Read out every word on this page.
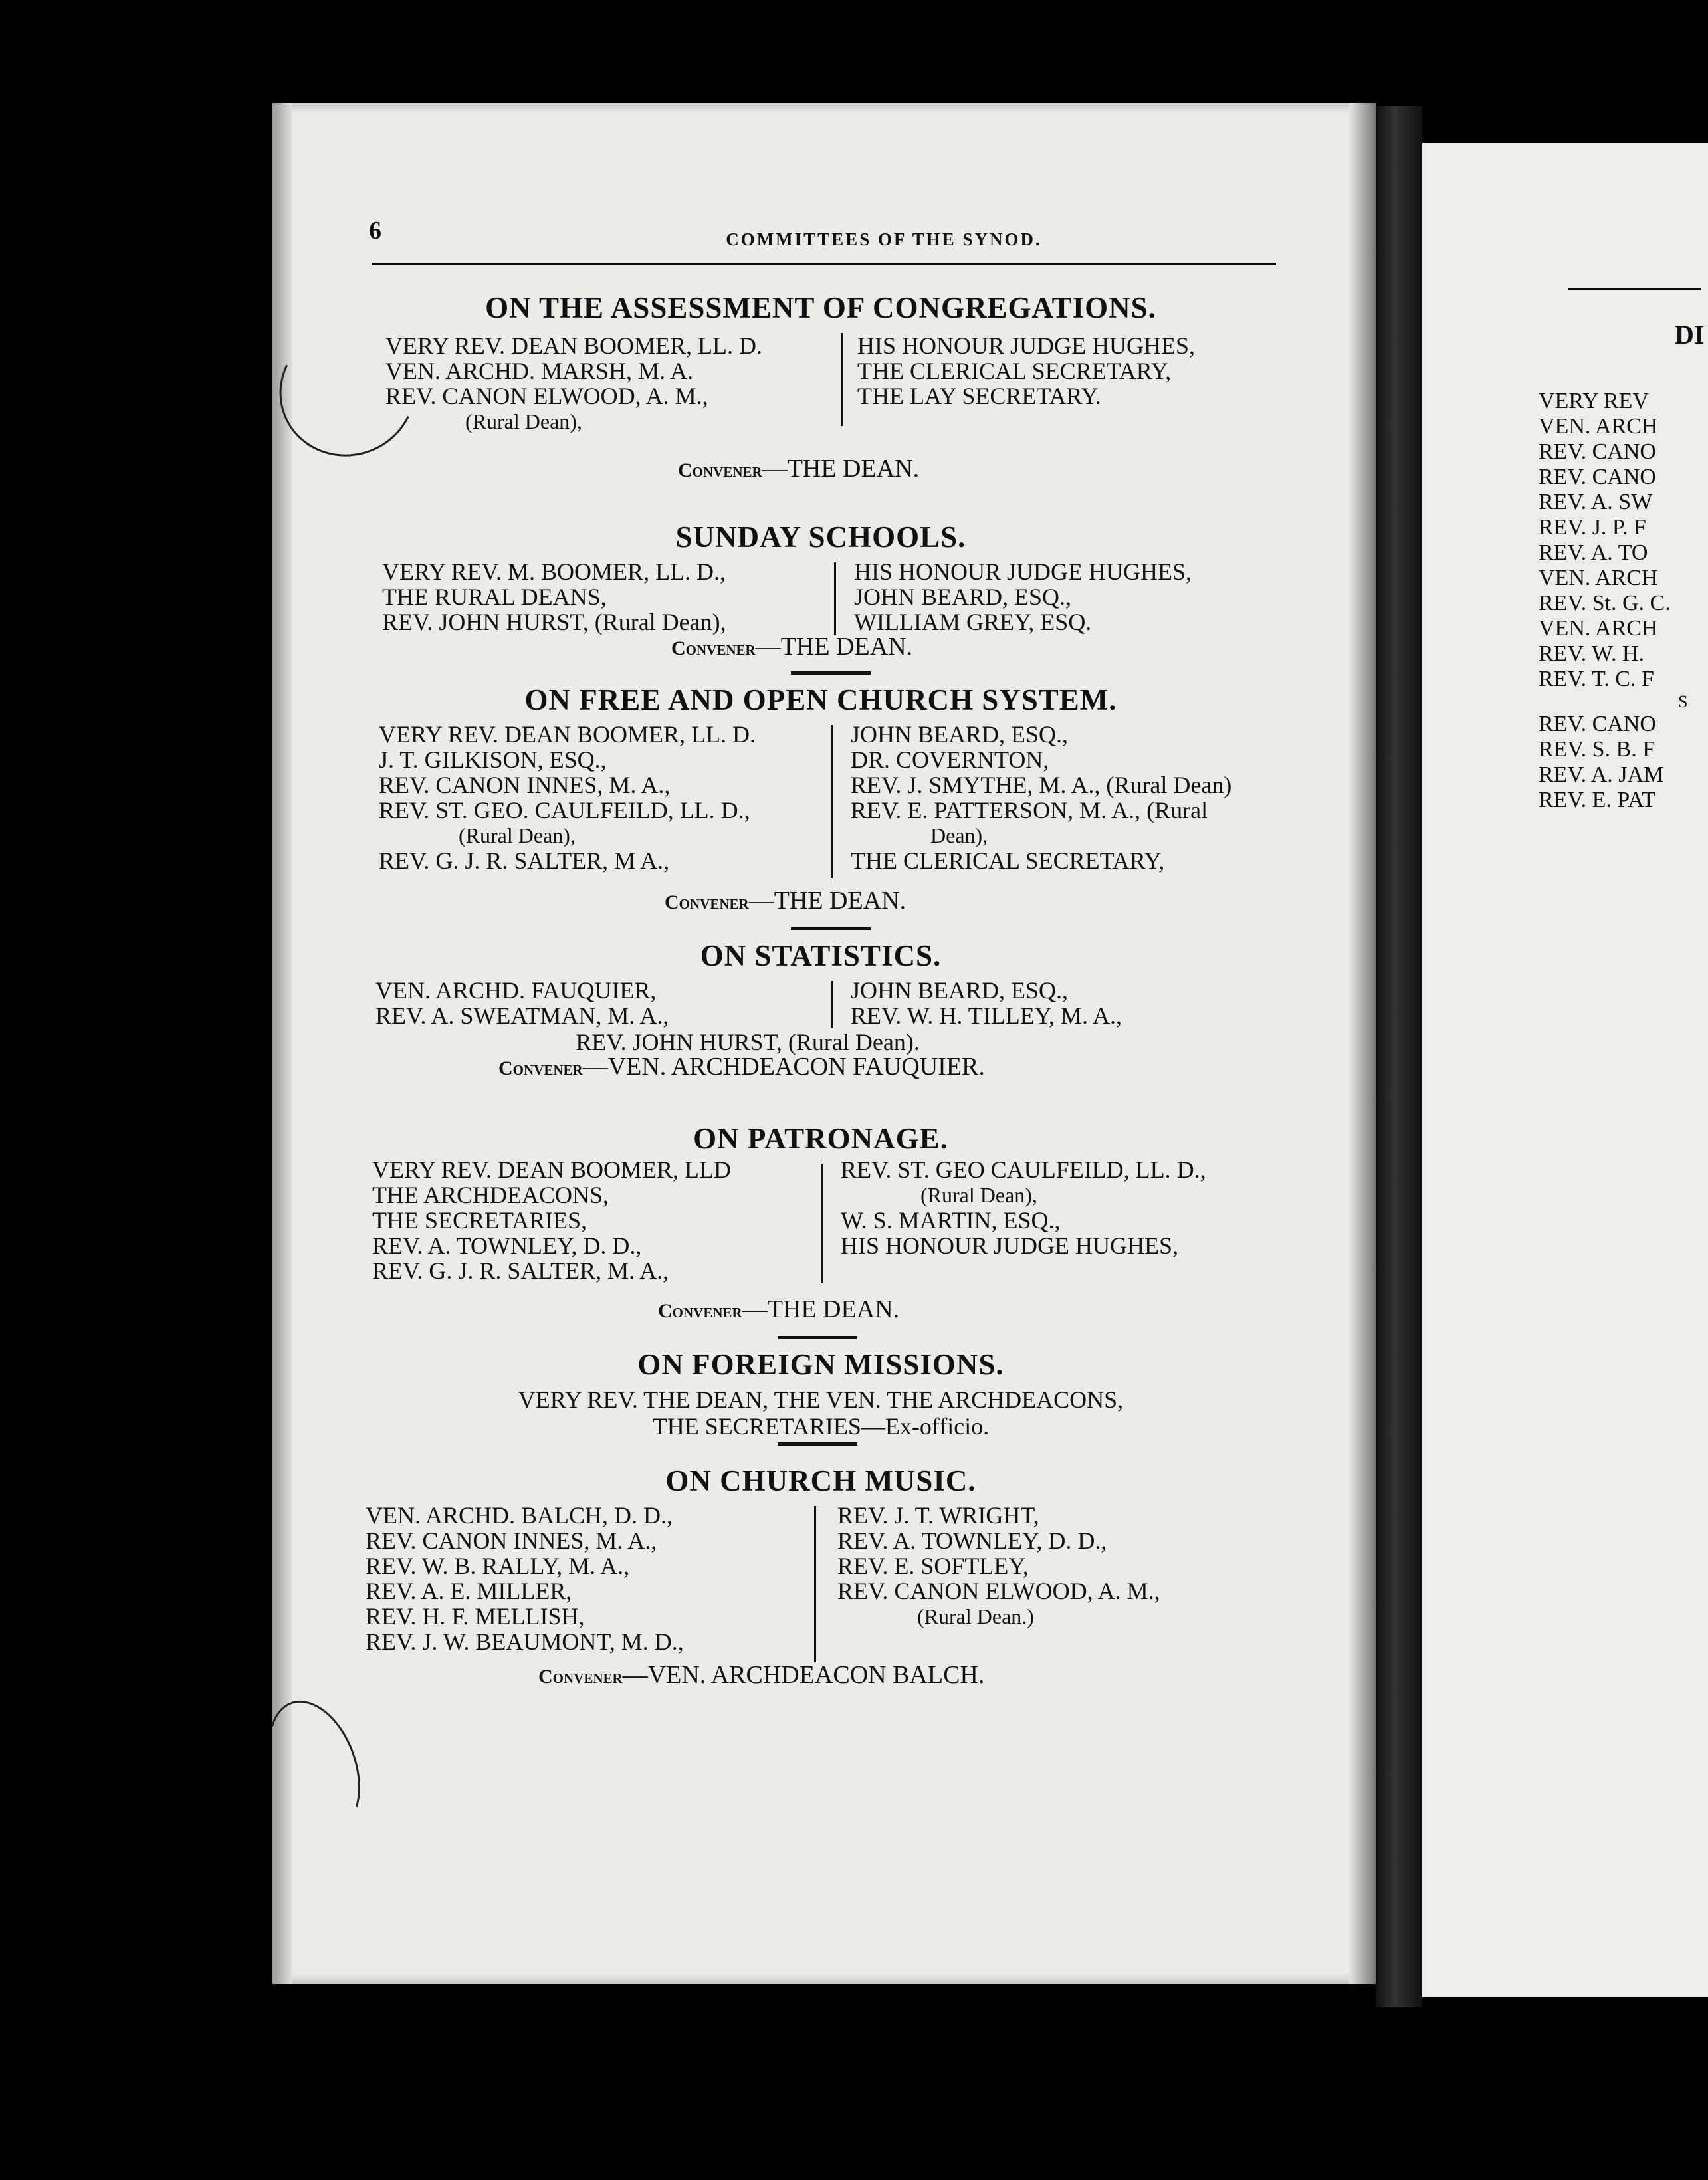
6	COMMITTEES OF THE SYNOD.
ON THE ASSESSMENT OF CONGREGATIONS.
VERY REV. DEAN BOOMER, LL. D.
VEN. ARCHD. MARSH, M. A.
REV. CANON ELWOOD, A. M.,
(Rural Dean),
HIS HONOUR JUDGE HUGHES,
THE CLERICAL SECRETARY,
THE LAY SECRETARY.
Convener—THE DEAN.
SUNDAY SCHOOLS.
VERY REV. M. BOOMER, LL. D.,
THE RURAL DEANS,
REV. JOHN HURST, (Rural Dean),
HIS HONOUR JUDGE HUGHES,
JOHN BEARD, ESQ.,
WILLIAM GREY, ESQ.
Convener—THE DEAN.
ON FREE AND OPEN CHURCH SYSTEM.
VERY REV. DEAN BOOMER, LL. D.
J. T. GILKISON, ESQ.,
REV. CANON INNES, M. A.,
REV. ST. GEO. CAULFEILD, LL. D.,
(Rural Dean),
REV. G. J. R. SALTER, M A.,
JOHN BEARD, ESQ.,
DR. COVERNTON,
REV. J. SMYTHE, M. A., (Rural Dean)
REV. E. PATTERSON, M. A., (Rural
Dean),
THE CLERICAL SECRETARY,
Convener—THE DEAN.
ON STATISTICS.
VEN. ARCHD. FAUQUIER,
REV. A. SWEATMAN, M. A.,
JOHN BEARD, ESQ.,
REV. W. H. TILLEY, M. A.,
REV. JOHN HURST, (Rural Dean).
Convener—VEN. ARCHDEACON FAUQUIER.
ON PATRONAGE.
VERY REV. DEAN BOOMER, LLD
THE ARCHDEACONS,
THE SECRETARIES,
REV. A. TOWNLEY, D. D.,
REV. G. J. R. SALTER, M. A.,
REV. ST. GEO CAULFEILD, LL. D.,
(Rural Dean),
W. S. MARTIN, ESQ.,
HIS HONOUR JUDGE HUGHES,
Convener—THE DEAN.
ON FOREIGN MISSIONS.
VERY REV. THE DEAN, THE VEN. THE ARCHDEACONS,
THE SECRETARIES—Ex-officio.
ON CHURCH MUSIC.
VEN. ARCHD. BALCH, D. D.,
REV. CANON INNES, M. A.,
REV. W. B. RALLY, M. A.,
REV. A. E. MILLER,
REV. H. F. MELLISH,
REV. J. W. BEAUMONT, M. D.,
REV. J. T. WRIGHT,
REV. A. TOWNLEY, D. D.,
REV. E. SOFTLEY,
REV. CANON ELWOOD, A. M.,
(Rural Dean.)
Convener—VEN. ARCHDEACON BALCH.
DI
VERY REV
VEN. ARCH
REV. CANO
REV. CANO
REV. A. SW
REV. J. P. F
REV. A. TO
VEN. ARCH
REV. St. G. C.
VEN. ARCH
REV. W. H.
REV. T. C. F
S
REV. CANO
REV. S. B. F
REV. A. JAM
REV. E. PAT
